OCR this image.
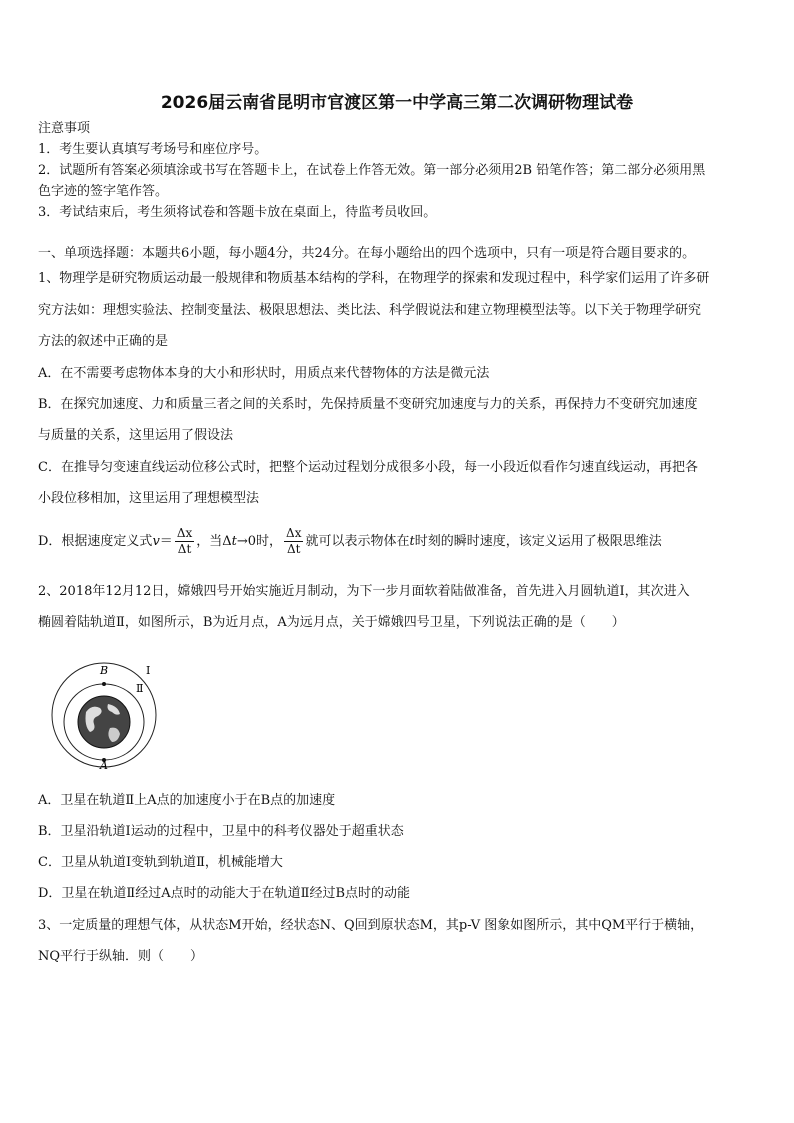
2026届云南省昆明市官渡区第一中学高三第二次调研物理试卷
注意事项
1．考生要认真填写考场号和座位序号。
2．试题所有答案必须填涂或书写在答题卡上，在试卷上作答无效。第一部分必须用2B 铅笔作答；第二部分必须用黑
色字迹的签字笔作答。
3．考试结束后，考生须将试卷和答题卡放在桌面上，待监考员收回。
一、单项选择题：本题共6小题，每小题4分，共24分。在每小题给出的四个选项中，只有一项是符合题目要求的。
1、物理学是研究物质运动最一般规律和物质基本结构的学科，在物理学的探索和发现过程中，科学家们运用了许多研
究方法如：理想实验法、控制变量法、极限思想法、类比法、科学假说法和建立物理模型法等。以下关于物理学研究
方法的叙述中正确的是
A．在不需要考虑物体本身的大小和形状时，用质点来代替物体的方法是微元法
B．在探究加速度、力和质量三者之间的关系时，先保持质量不变研究加速度与力的关系，再保持力不变研究加速度
与质量的关系，这里运用了假设法
C．在推导匀变速直线运动位移公式时，把整个运动过程划分成很多小段，每一小段近似看作匀速直线运动，再把各
小段位移相加，这里运用了理想模型法
D．根据速度定义式$v= \frac{\Delta x}{\Delta t}$ ，当Δt→0时， $\frac{\Delta x}{\Delta t}$ 就可以表示物体在t时刻的瞬时速度，该定义运用了极限思维法
2、2018年12月12日，嫦娥四号开始实施近月制动，为下一步月面软着陆做准备，首先进入月圆轨道Ⅰ，其次进入
椭圆着陆轨道Ⅱ，如图所示，B为近月点，A为远月点，关于嫦娥四号卫星，下列说法正确的是（　　）
B
A
Ⅰ
Ⅱ
A．卫星在轨道Ⅱ上A点的加速度小于在B点的加速度
B．卫星沿轨道Ⅰ运动的过程中，卫星中的科考仪器处于超重状态
C．卫星从轨道Ⅰ变轨到轨道Ⅱ，机械能增大
D．卫星在轨道Ⅱ经过A点时的动能大于在轨道Ⅱ经过B点时的动能
3、一定质量的理想气体，从状态M开始，经状态N、Q回到原状态M，其p-V 图象如图所示，其中QM平行于横轴，
NQ平行于纵轴．则（　　）
